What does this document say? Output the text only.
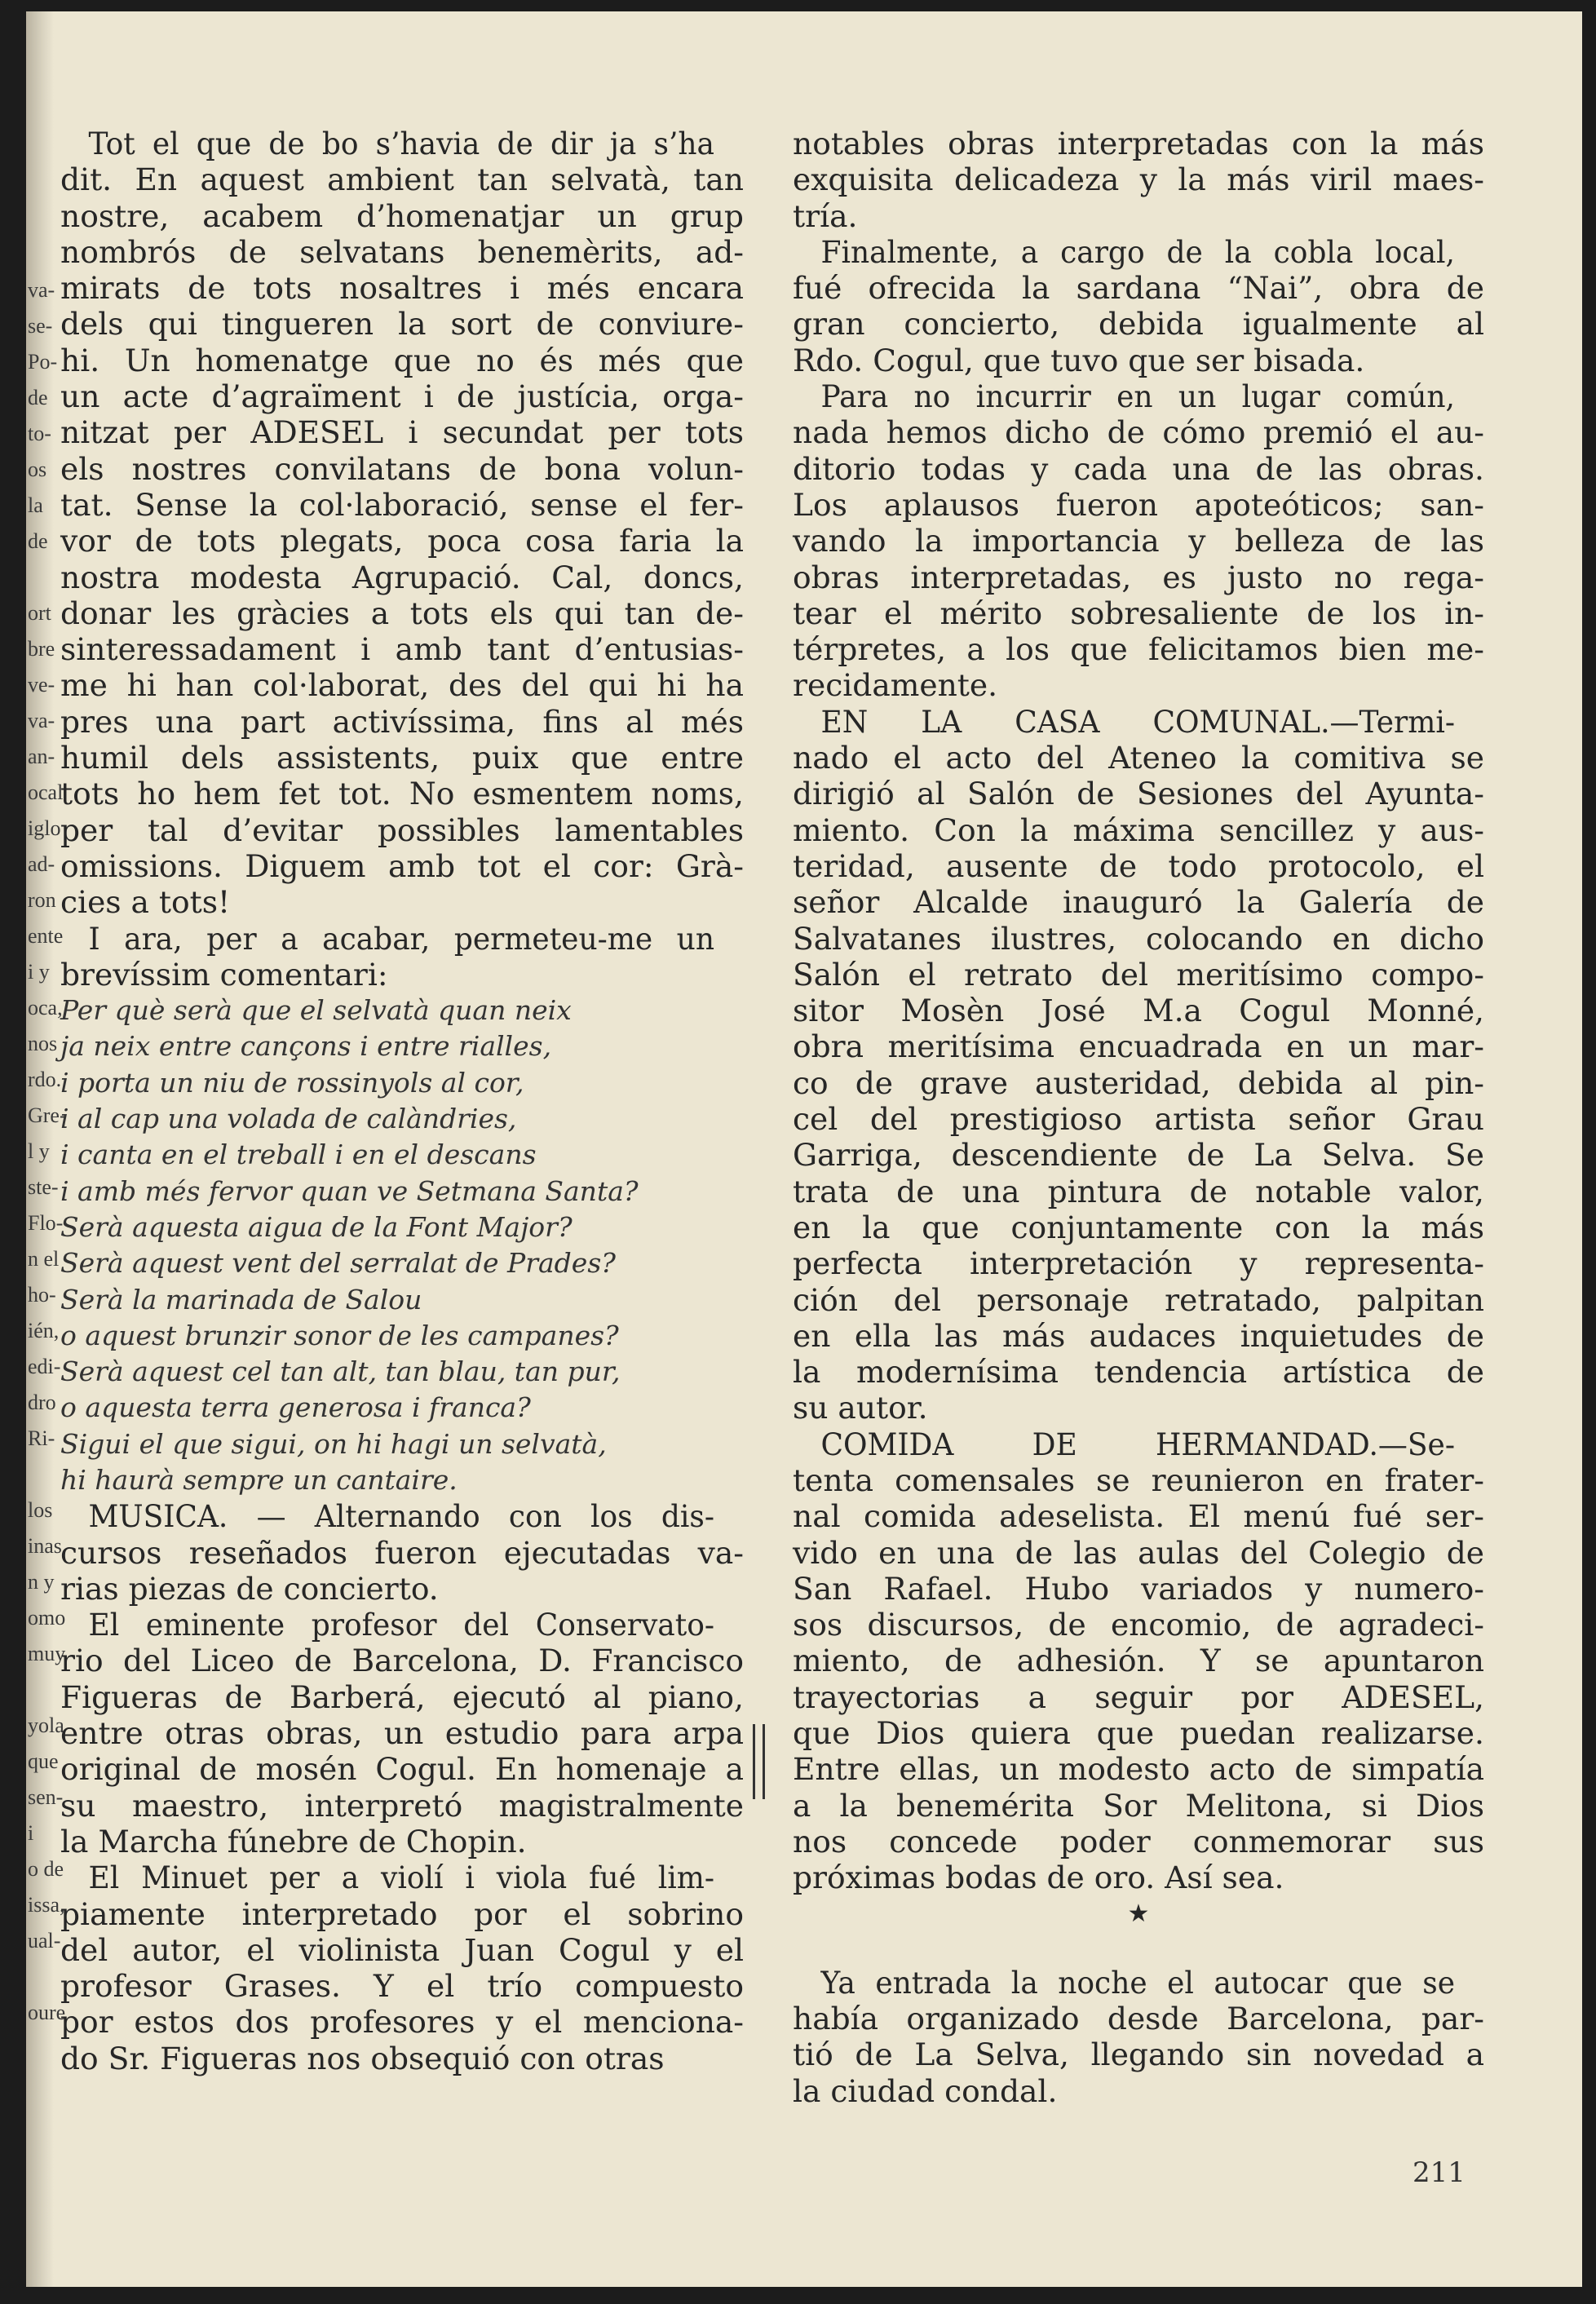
va-
se-
Po-
de
to-
os
la
de
ort
bre
ve-
va-
an-
ocal
iglo
ad-
ron
ente
i y
oca,
nos
rdo.
Gre-
l y
ste-
Flo-
n el
ho-
ién,
edi-
dro
Ri-
los
inas
n y
omo
muy
yola
que
sen-
i
o de
issa,
ual-
oure
Tot el que de bo s’havia de dir ja s’ha
dit. En aquest ambient tan selvatà, tan
nostre, acabem d’homenatjar un grup
nombrós de selvatans benemèrits, ad-
mirats de tots nosaltres i més encara
dels qui tingueren la sort de conviure-
hi. Un homenatge que no és més que
un acte d’agraïment i de justícia, orga-
nitzat per ADESEL i secundat per tots
els nostres convilatans de bona volun-
tat. Sense la col·laboració, sense el fer-
vor de tots plegats, poca cosa faria la
nostra modesta Agrupació. Cal, doncs,
donar les gràcies a tots els qui tan de-
sinteressadament i amb tant d’entusias-
me hi han col·laborat, des del qui hi ha
pres una part activíssima, fins al més
humil dels assistents, puix que entre
tots ho hem fet tot. No esmentem noms,
per tal d’evitar possibles lamentables
omissions. Diguem amb tot el cor: Grà-
cies a tots!
I ara, per a acabar, permeteu-me un
brevíssim comentari:
Per què serà que el selvatà quan neix
ja neix entre cançons i entre rialles,
i porta un niu de rossinyols al cor,
i al cap una volada de calàndries,
i canta en el treball i en el descans
i amb més fervor quan ve Setmana Santa?
Serà aquesta aigua de la Font Major?
Serà aquest vent del serralat de Prades?
Serà la marinada de Salou
o aquest brunzir sonor de les campanes?
Serà aquest cel tan alt, tan blau, tan pur,
o aquesta terra generosa i franca?
Sigui el que sigui, on hi hagi un selvatà,
hi haurà sempre un cantaire.
MUSICA. — Alternando con los dis-
cursos reseñados fueron ejecutadas va-
rias piezas de concierto.
El eminente profesor del Conservato-
rio del Liceo de Barcelona, D. Francisco
Figueras de Barberá, ejecutó al piano,
entre otras obras, un estudio para arpa
original de mosén Cogul. En homenaje a
su maestro, interpretó magistralmente
la Marcha fúnebre de Chopin.
El Minuet per a violí i viola fué lim-
piamente interpretado por el sobrino
del autor, el violinista Juan Cogul y el
profesor Grases. Y el trío compuesto
por estos dos profesores y el menciona-
do Sr. Figueras nos obsequió con otras
notables obras interpretadas con la más
exquisita delicadeza y la más viril maes-
tría.
Finalmente, a cargo de la cobla local,
fué ofrecida la sardana “Nai”, obra de
gran concierto, debida igualmente al
Rdo. Cogul, que tuvo que ser bisada.
Para no incurrir en un lugar común,
nada hemos dicho de cómo premió el au-
ditorio todas y cada una de las obras.
Los aplausos fueron apoteóticos; san-
vando la importancia y belleza de las
obras interpretadas, es justo no rega-
tear el mérito sobresaliente de los in-
térpretes, a los que felicitamos bien me-
recidamente.
EN LA CASA COMUNAL.—Termi-
nado el acto del Ateneo la comitiva se
dirigió al Salón de Sesiones del Ayunta-
miento. Con la máxima sencillez y aus-
teridad, ausente de todo protocolo, el
señor Alcalde inauguró la Galería de
Salvatanes ilustres, colocando en dicho
Salón el retrato del meritísimo compo-
sitor Mosèn José M.a Cogul Monné,
obra meritísima encuadrada en un mar-
co de grave austeridad, debida al pin-
cel del prestigioso artista señor Grau
Garriga, descendiente de La Selva. Se
trata de una pintura de notable valor,
en la que conjuntamente con la más
perfecta interpretación y representa-
ción del personaje retratado, palpitan
en ella las más audaces inquietudes de
la modernísima tendencia artística de
su autor.
COMIDA DE HERMANDAD.—Se-
tenta comensales se reunieron en frater-
nal comida adeselista. El menú fué ser-
vido en una de las aulas del Colegio de
San Rafael. Hubo variados y numero-
sos discursos, de encomio, de agradeci-
miento, de adhesión. Y se apuntaron
trayectorias a seguir por ADESEL,
que Dios quiera que puedan realizarse.
Entre ellas, un modesto acto de simpatía
a la benemérita Sor Melitona, si Dios
nos concede poder conmemorar sus
próximas bodas de oro. Así sea.
★
Ya entrada la noche el autocar que se
había organizado desde Barcelona, par-
tió de La Selva, llegando sin novedad a
la ciudad condal.
211
